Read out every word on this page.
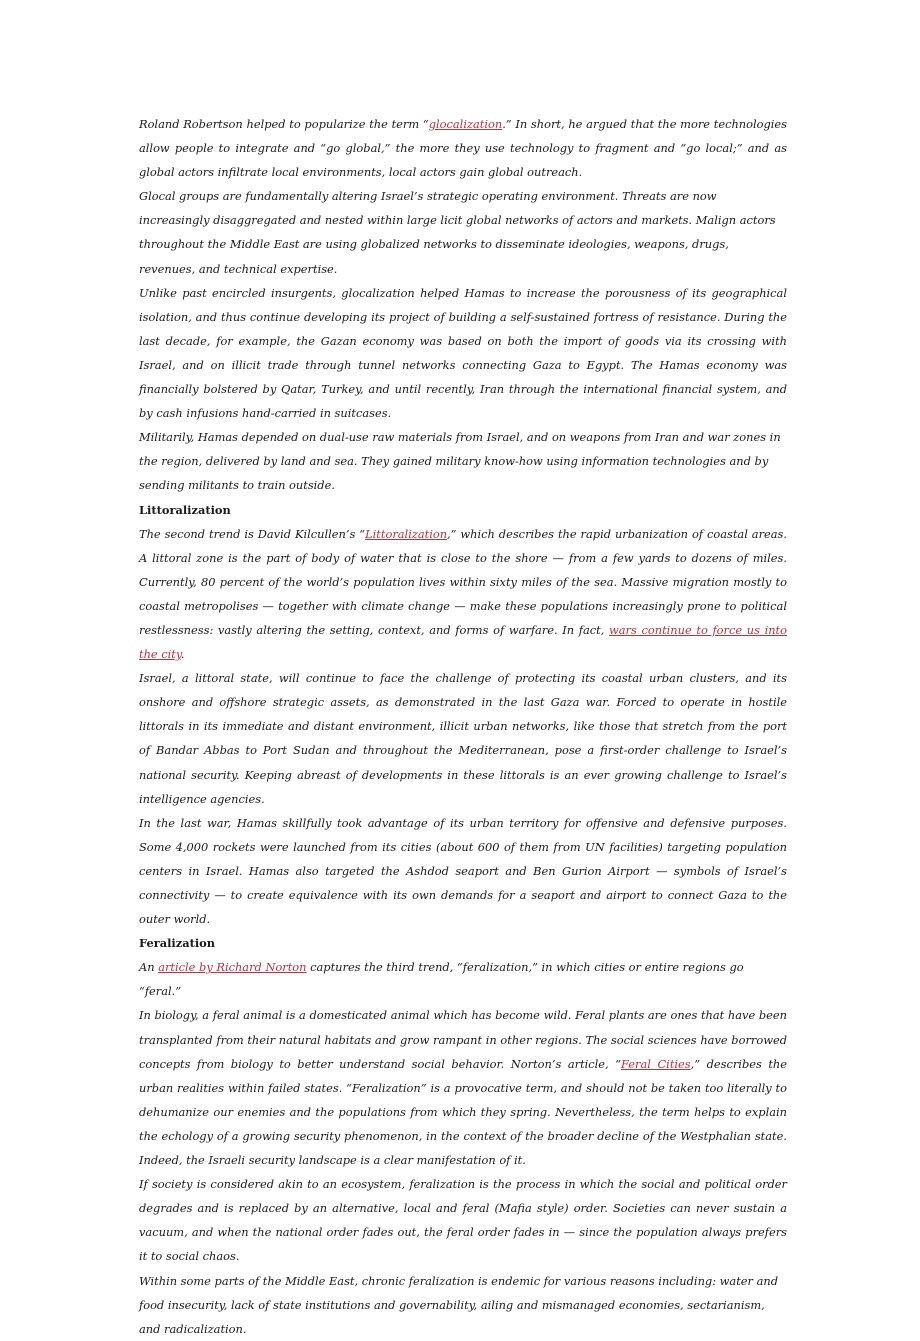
Roland Robertson helped to popularize the term “glocalization.” In short, he argued that the more technologies allow people to integrate and “go global,” the more they use technology to fragment and “go local;” and as global actors infiltrate local environments, local actors gain global outreach.

Glocal groups are fundamentally altering Israel’s strategic operating environment. Threats are now increasingly disaggregated and nested within large licit global networks of actors and markets. Malign actors throughout the Middle East are using globalized networks to disseminate ideologies, weapons, drugs, revenues, and technical expertise.

Unlike past encircled insurgents, glocalization helped Hamas to increase the porousness of its geographical isolation, and thus continue developing its project of building a self-sustained fortress of resistance. During the last decade, for example, the Gazan economy was based on both the import of goods via its crossing with Israel, and on illicit trade through tunnel networks connecting Gaza to Egypt. The Hamas economy was financially bolstered by Qatar, Turkey, and until recently, Iran through the international financial system, and by cash infusions hand-carried in suitcases.

Militarily, Hamas depended on dual-use raw materials from Israel, and on weapons from Iran and war zones in the region, delivered by land and sea. They gained military know-how using information technologies and by sending militants to train outside.

Littoralization

The second trend is David Kilcullen’s “Littoralization,” which describes the rapid urbanization of coastal areas. A littoral zone is the part of body of water that is close to the shore — from a few yards to dozens of miles. Currently, 80 percent of the world’s population lives within sixty miles of the sea. Massive migration mostly to coastal metropolises — together with climate change — make these populations increasingly prone to political restlessness: vastly altering the setting, context, and forms of warfare. In fact, wars continue to force us into the city.

Israel, a littoral state, will continue to face the challenge of protecting its coastal urban clusters, and its onshore and offshore strategic assets, as demonstrated in the last Gaza war. Forced to operate in hostile littorals in its immediate and distant environment, illicit urban networks, like those that stretch from the port of Bandar Abbas to Port Sudan and throughout the Mediterranean, pose a first-order challenge to Israel’s national security. Keeping abreast of developments in these littorals is an ever growing challenge to Israel’s intelligence agencies.

In the last war, Hamas skillfully took advantage of its urban territory for offensive and defensive purposes. Some 4,000 rockets were launched from its cities (about 600 of them from UN facilities) targeting population centers in Israel. Hamas also targeted the Ashdod seaport and Ben Gurion Airport — symbols of Israel’s connectivity — to create equivalence with its own demands for a seaport and airport to connect Gaza to the outer world.

Feralization

An article by Richard Norton captures the third trend, “feralization,” in which cities or entire regions go “feral.”

In biology, a feral animal is a domesticated animal which has become wild. Feral plants are ones that have been transplanted from their natural habitats and grow rampant in other regions. The social sciences have borrowed concepts from biology to better understand social behavior. Norton’s article, “Feral Cities,” describes the urban realities within failed states. “Feralization” is a provocative term, and should not be taken too literally to dehumanize our enemies and the populations from which they spring. Nevertheless, the term helps to explain the echology of a growing security phenomenon, in the context of the broader decline of the Westphalian state. Indeed, the Israeli security landscape is a clear manifestation of it.

If society is considered akin to an ecosystem, feralization is the process in which the social and political order degrades and is replaced by an alternative, local and feral (Mafia style) order. Societies can never sustain a vacuum, and when the national order fades out, the feral order fades in — since the population always prefers it to social chaos.

Within some parts of the Middle East, chronic feralization is endemic for various reasons including: water and food insecurity, lack of state institutions and governability, ailing and mismanaged economies, sectarianism, and radicalization.
